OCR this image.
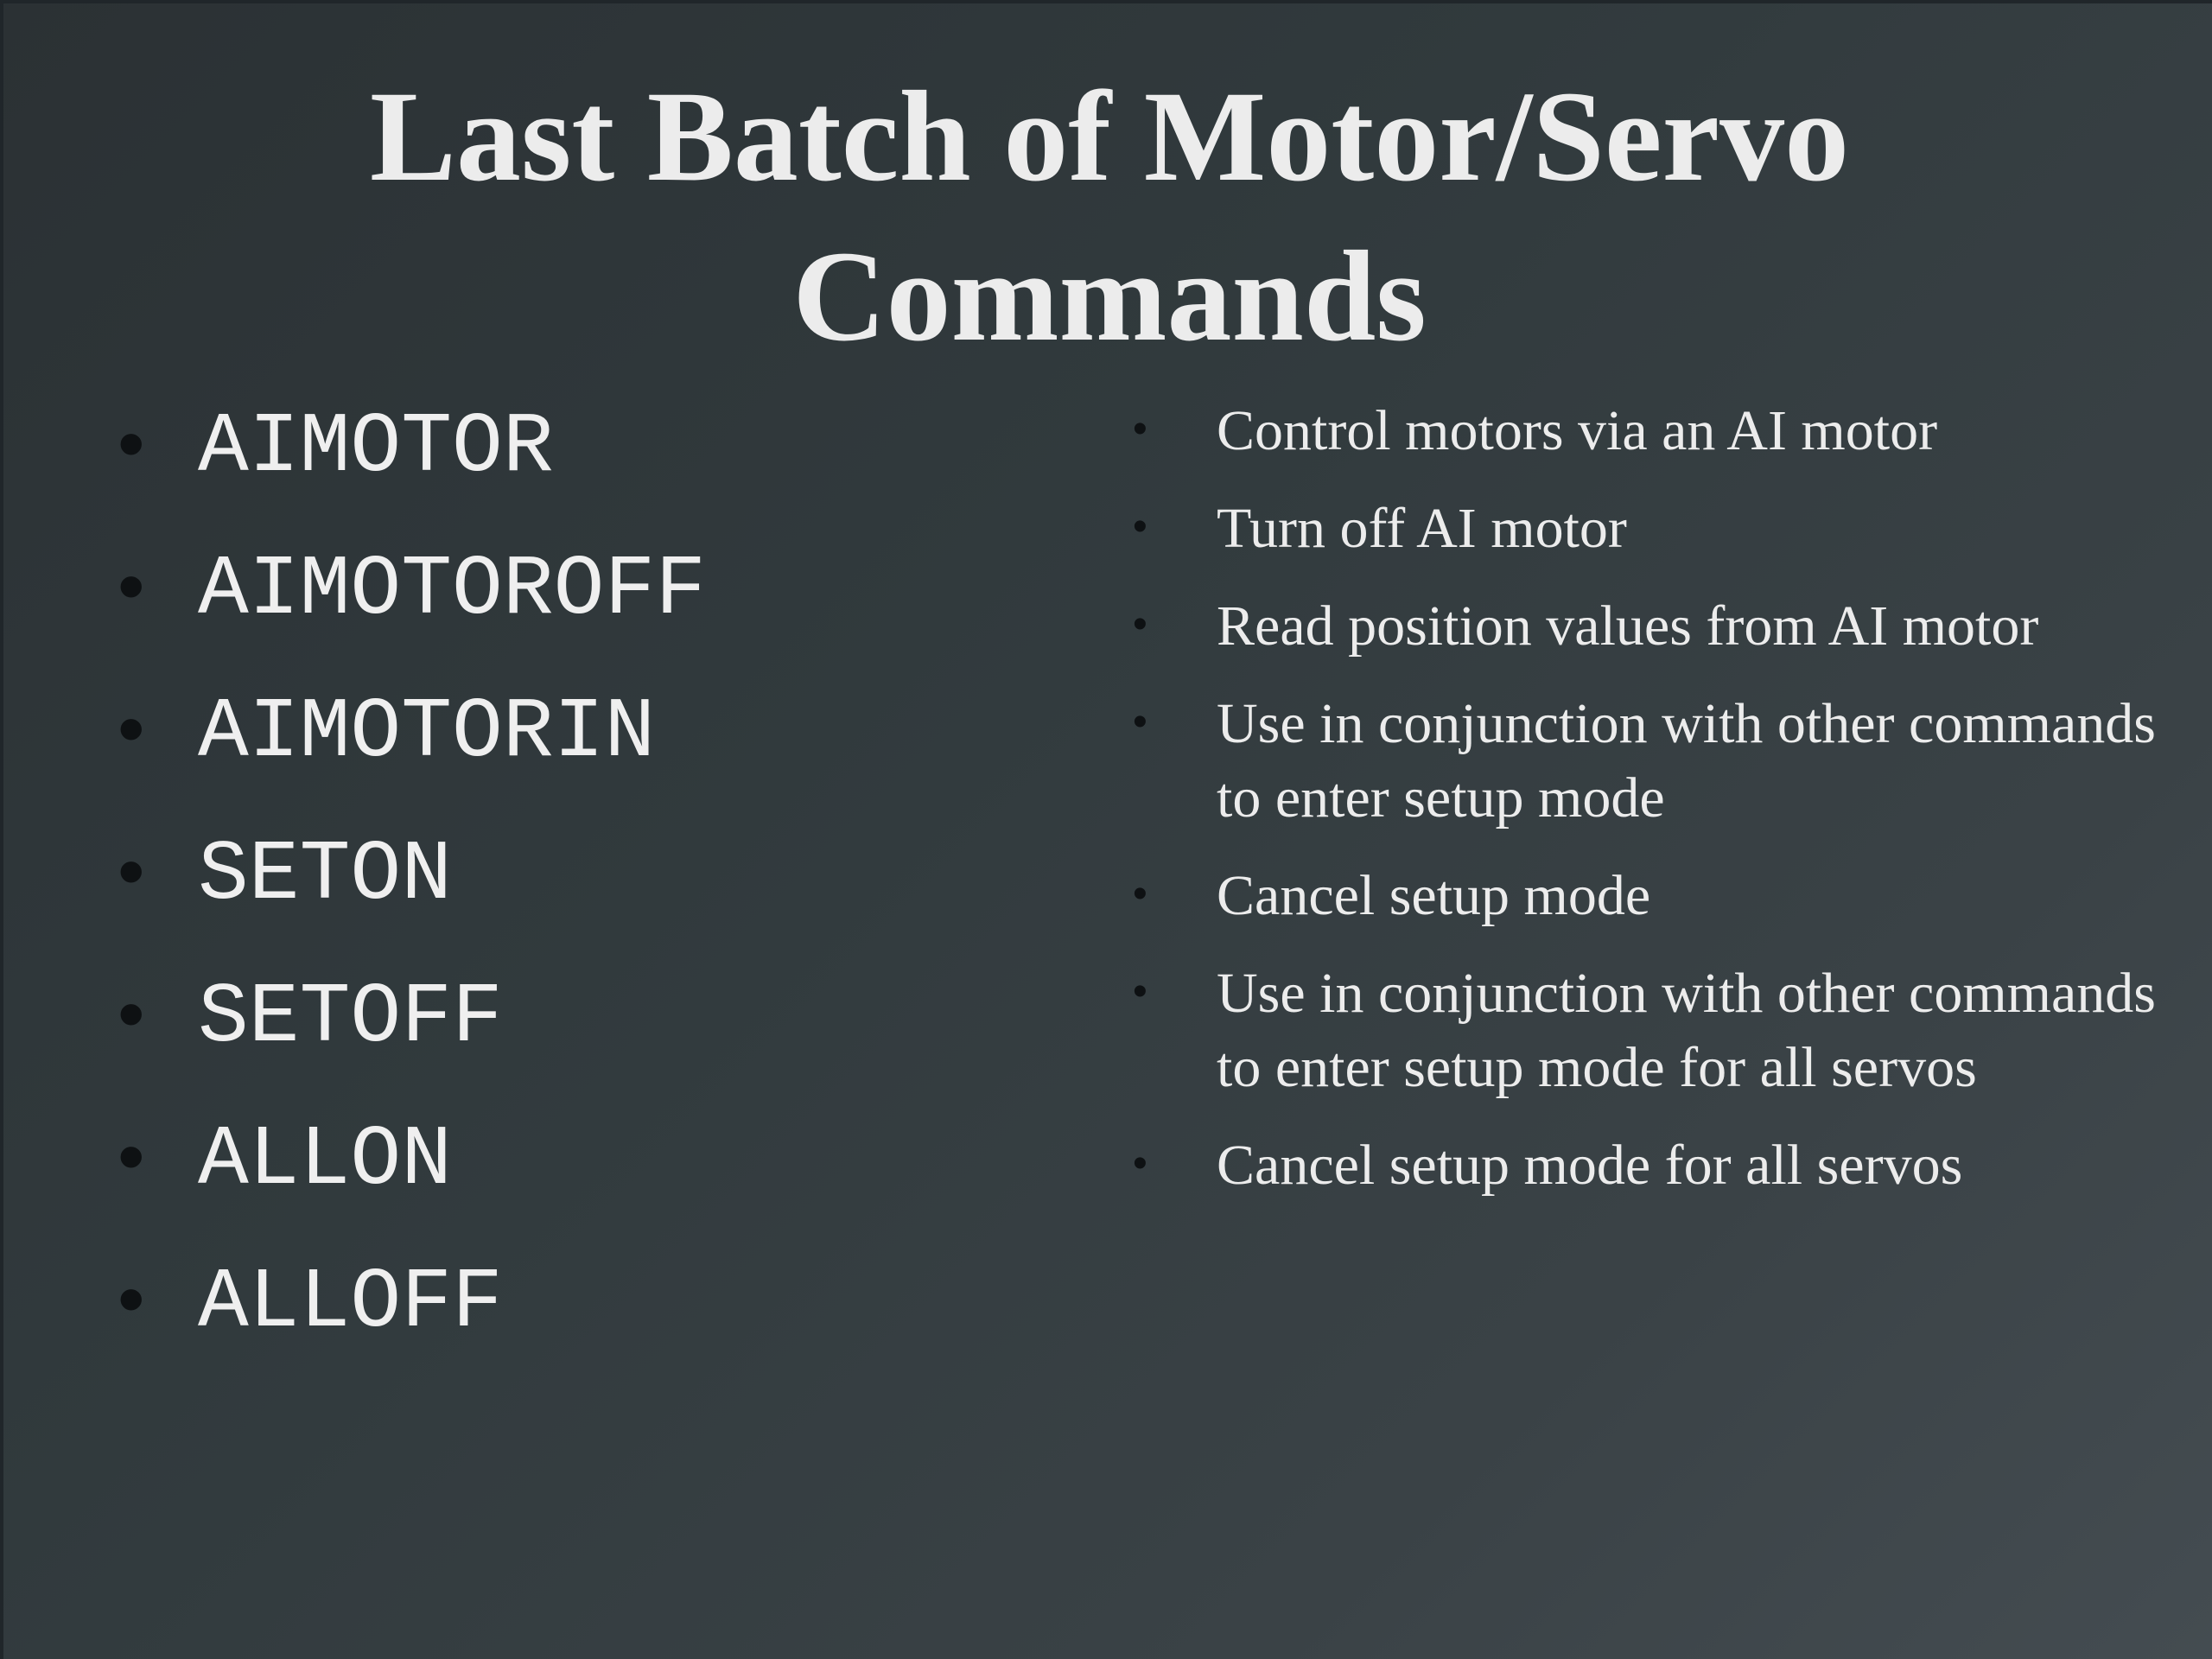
Last Batch of Motor/Servo
Commands
• AIMOTOR
• AIMOTOROFF
• AIMOTORIN
• SETON
• SETOFF
• ALLON
• ALLOFF
• Control motors via an AI motor
• Turn off AI motor
• Read position values from AI motor
• Use in conjunction with other commands to enter setup mode
• Cancel setup mode
• Use in conjunction with other commands to enter setup mode for all servos
• Cancel setup mode for all servos
